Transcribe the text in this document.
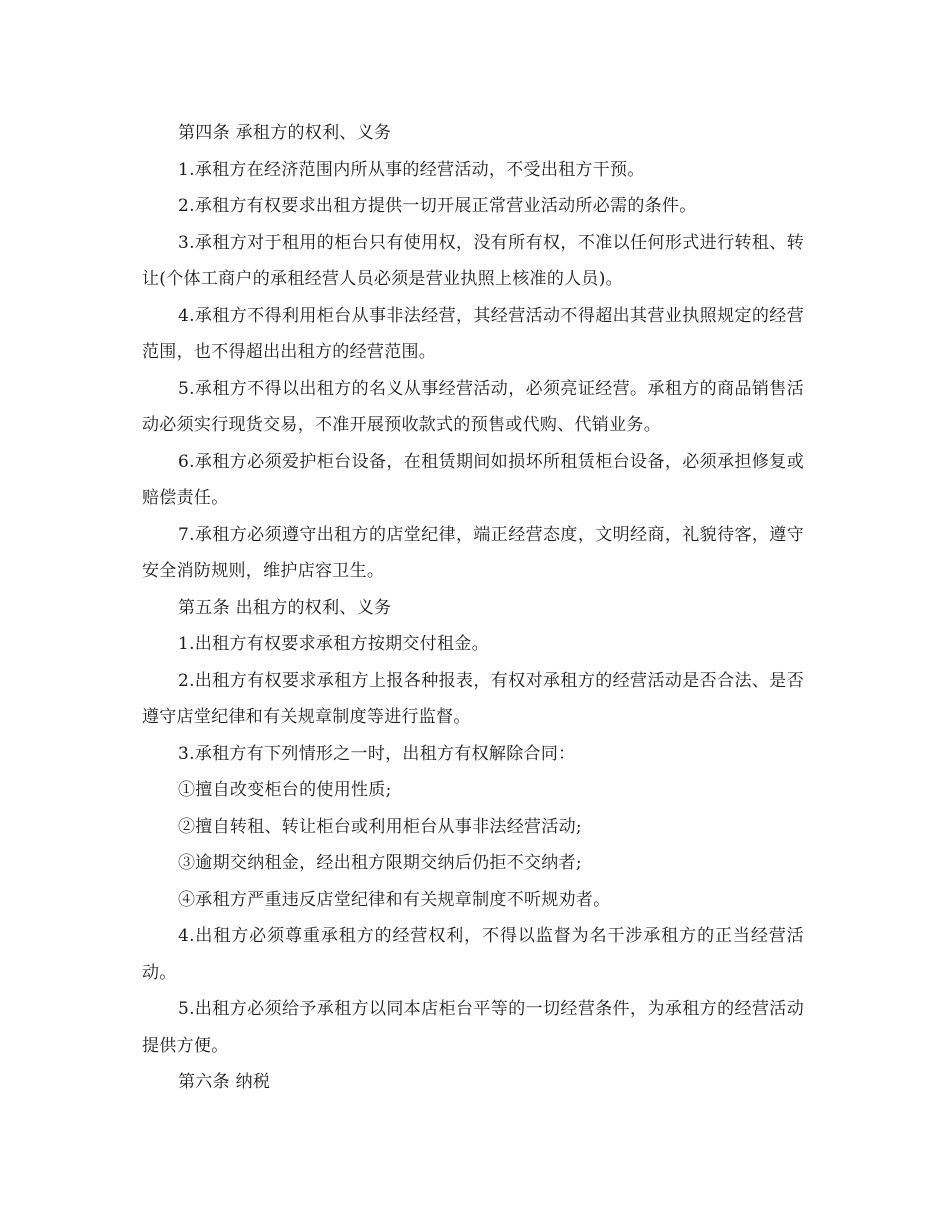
第四条 承租方的权利、义务

1.承租方在经济范围内所从事的经营活动，不受出租方干预。

2.承租方有权要求出租方提供一切开展正常营业活动所必需的条件。

3.承租方对于租用的柜台只有使用权，没有所有权，不准以任何形式进行转租、转让(个体工商户的承租经营人员必须是营业执照上核准的人员)。

4.承租方不得利用柜台从事非法经营，其经营活动不得超出其营业执照规定的经营范围，也不得超出出租方的经营范围。

5.承租方不得以出租方的名义从事经营活动，必须亮证经营。承租方的商品销售活动必须实行现货交易，不准开展预收款式的预售或代购、代销业务。

6.承租方必须爱护柜台设备，在租赁期间如损坏所租赁柜台设备，必须承担修复或赔偿责任。

7.承租方必须遵守出租方的店堂纪律，端正经营态度，文明经商，礼貌待客，遵守安全消防规则，维护店容卫生。

第五条 出租方的权利、义务

1.出租方有权要求承租方按期交付租金。

2.出租方有权要求承租方上报各种报表，有权对承租方的经营活动是否合法、是否遵守店堂纪律和有关规章制度等进行监督。

3.承租方有下列情形之一时，出租方有权解除合同：

①擅自改变柜台的使用性质;

②擅自转租、转让柜台或利用柜台从事非法经营活动;

③逾期交纳租金，经出租方限期交纳后仍拒不交纳者;

④承租方严重违反店堂纪律和有关规章制度不听规劝者。

4.出租方必须尊重承租方的经营权利，不得以监督为名干涉承租方的正当经营活动。

5.出租方必须给予承租方以同本店柜台平等的一切经营条件，为承租方的经营活动提供方便。

第六条 纳税
